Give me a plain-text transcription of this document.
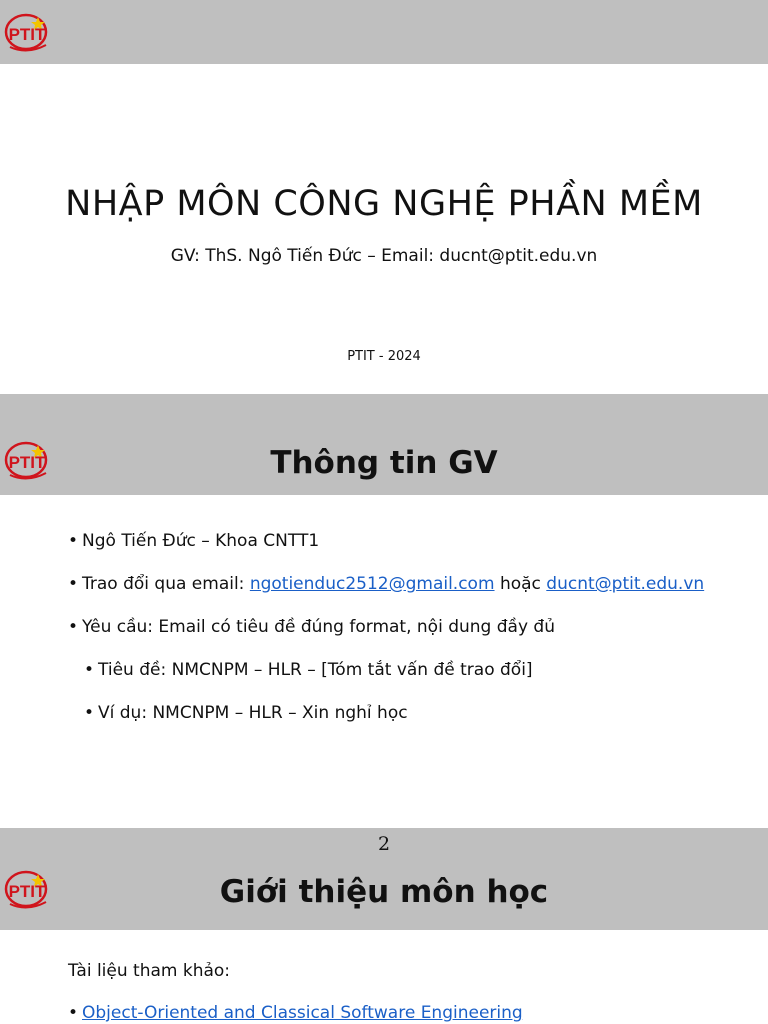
PTIT
NHẬP MÔN CÔNG NGHỆ PHẦN MỀM
GV: ThS. Ngô Tiến Đức – Email: ducnt@ptit.edu.vn
PTIT - 2024
PTIT	Thông tin GV
• Ngô Tiến Đức – Khoa CNTT1
• Trao đổi qua email: ngotienduc2512@gmail.com hoặc ducnt@ptit.edu.vn
• Yêu cầu: Email có tiêu đề đúng format, nội dung đầy đủ
• Tiêu đề: NMCNPM – HLR – [Tóm tắt vấn đề trao đổi]
• Ví dụ: NMCNPM – HLR – Xin nghỉ học
2
PTIT	Giới thiệu môn học
Tài liệu tham khảo:
• Object-Oriented and Classical Software Engineering
